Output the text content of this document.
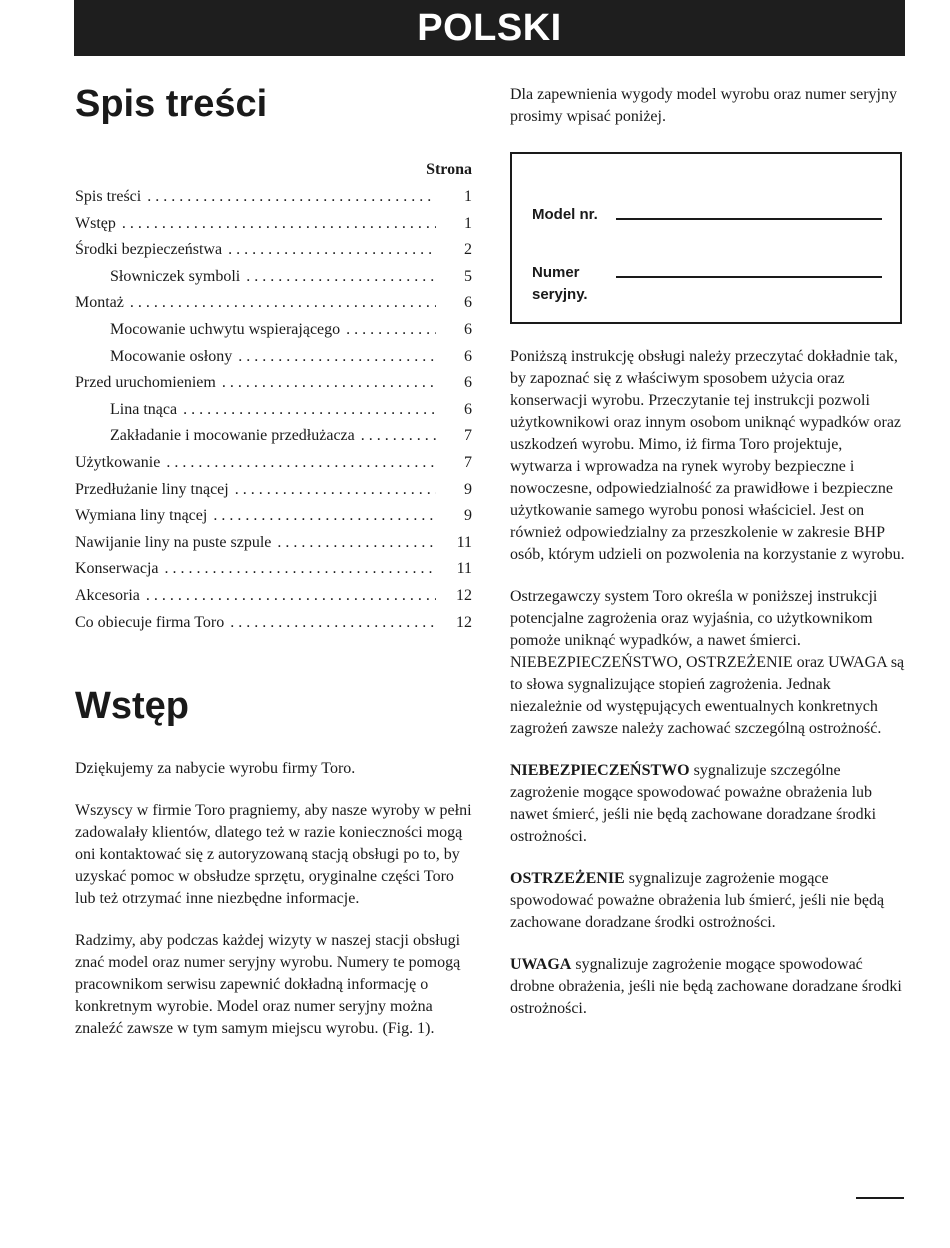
POLSKI
Spis treści
Strona
Spis treści . . .	1
Wstęp . . .	1
Środki bezpieczeństwa . . .	2
Słowniczek symboli . . .	5
Montaż . . .	6
Mocowanie uchwytu wspierającego . . .	6
Mocowanie osłony . . .	6
Przed uruchomieniem . . .	6
Lina tnąca . . .	6
Zakładanie i mocowanie przedłużacza . . .	7
Użytkowanie . . .	7
Przedłużanie liny tnącej . . .	9
Wymiana liny tnącej . . .	9
Nawijanie liny na puste szpule . . .	11
Konserwacja . . .	11
Akcesoria . . .	12
Co obiecuje firma Toro . . .	12
Wstęp

Dziękujemy za nabycie wyrobu firmy Toro.

Wszyscy w firmie Toro pragniemy, aby nasze wyroby w pełni zadowalały klientów, dlatego też w razie konieczności mogą oni kontaktować się z autoryzowaną stacją obsługi po to, by uzyskać pomoc w obsłudze sprzętu, oryginalne części Toro lub też otrzymać inne niezbędne informacje.

Radzimy, aby podczas każdej wizyty w naszej stacji obsługi znać model oraz numer seryjny wyrobu. Numery te pomogą pracownikom serwisu zapewnić dokładną informację o konkretnym wyrobie. Model oraz numer seryjny można znaleźć zawsze w tym samym miejscu wyrobu. (Fig. 1).

Dla zapewnienia wygody model wyrobu oraz numer seryjny prosimy wpisać poniżej.

Model nr.
Numer
seryjny.

Poniższą instrukcję obsługi należy przeczytać dokładnie tak, by zapoznać się z właściwym sposobem użycia oraz konserwacji wyrobu. Przeczytanie tej instrukcji pozwoli użytkownikowi oraz innym osobom uniknąć wypadków oraz uszkodzeń wyrobu. Mimo, iż firma Toro projektuje, wytwarza i wprowadza na rynek wyroby bezpieczne i nowoczesne, odpowiedzialność za prawidłowe i bezpieczne użytkowanie samego wyrobu ponosi właściciel. Jest on również odpowiedzialny za przeszkolenie w zakresie BHP osób, którym udzieli on pozwolenia na korzystanie z wyrobu.

Ostrzegawczy system Toro określa w poniższej instrukcji potencjalne zagrożenia oraz wyjaśnia, co użytkownikom pomoże uniknąć wypadków, a nawet śmierci. NIEBEZPIECZEŃSTWO, OSTRZEŻENIE oraz UWAGA są to słowa sygnalizujące stopień zagrożenia. Jednak niezależnie od występujących ewentualnych konkretnych zagrożeń zawsze należy zachować szczególną ostrożność.

NIEBEZPIECZEŃSTWO sygnalizuje szczególne zagrożenie mogące spowodować poważne obrażenia lub nawet śmierć, jeśli nie będą zachowane doradzane środki ostrożności.

OSTRZEŻENIE sygnalizuje zagrożenie mogące spowodować poważne obrażenia lub śmierć, jeśli nie będą zachowane doradzane środki ostrożności.

UWAGA sygnalizuje zagrożenie mogące spowodować drobne obrażenia, jeśli nie będą zachowane doradzane środki ostrożności.
